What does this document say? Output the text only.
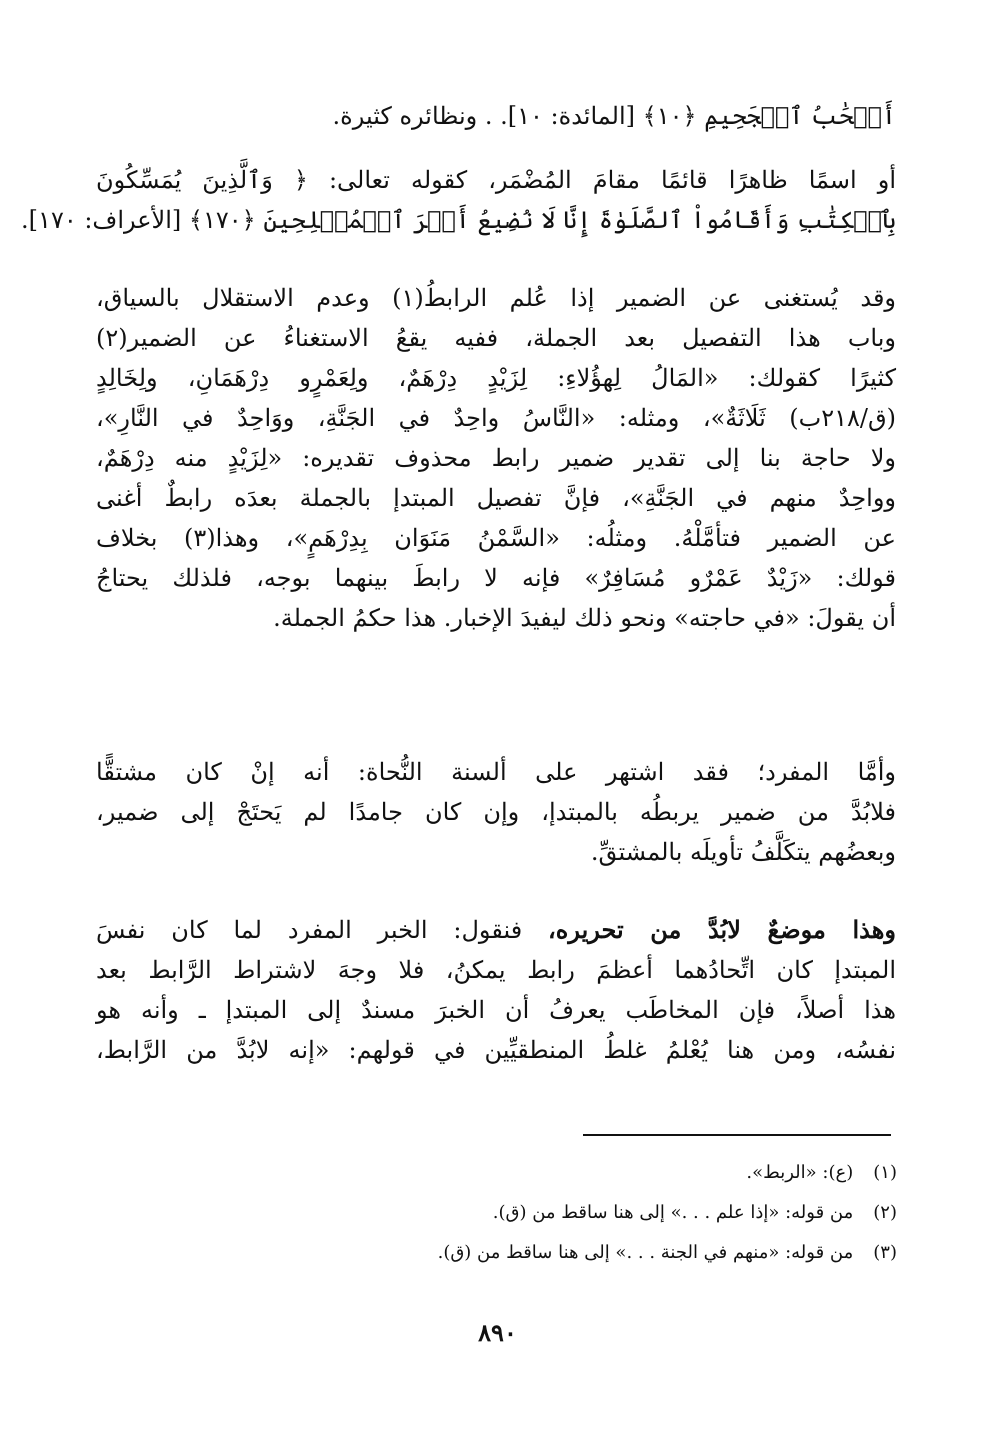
أَصۡحَٰبُ ٱلۡجَحِيمِ ﴿١٠﴾ [المائدة: ١٠]. . ونظائره كثيرة.
أو اسمًا ظاهرًا قائمًا مقامَ المُضْمَر، كقوله تعالى: ﴿ وَٱلَّذِينَ يُمَسِّكُونَ
بِٱلۡكِتَٰبِ وَأَقَامُواْ ٱلصَّلَوٰةَ إِنَّا لَا نُضِيعُ أَجۡرَ ٱلۡمُصۡلِحِينَ ﴿١٧٠﴾ [الأعراف: ١٧٠].
وقد يُستغنى عن الضمير إذا عُلم الرابطُ(١) وعدم الاستقلال بالسياق،
وباب هذا التفصيل بعد الجملة، ففيه يقعُ الاستغناءُ عن الضمير(٢)
كثيرًا كقولك: «المَالُ لِهؤُلاءِ: لِزَيْدٍ دِرْهَمٌ، ولِعَمْرٍو دِرْهَمَانِ، ولِخَالِدٍ
(ق/٢١٨ب) ثَلَاثَةٌ»، ومثله: «النَّاسُ واحِدٌ في الجَنَّةِ، ووَاحِدٌ في النَّارِ»،
ولا حاجة بنا إلى تقدير ضمير رابط محذوف تقديره: «لِزَيْدٍ منه دِرْهَمٌ،
وواحِدٌ منهم في الجَنَّةِ»، فإنَّ تفصيل المبتدإ بالجملة بعدَه رابطٌ أغنى
عن الضمير فتأمَّلْهُ. ومثلُه: «السَّمْنُ مَنَوَان بِدِرْهَمٍ»، وهذا(٣) بخلاف
قولك: «زَيْدٌ عَمْرٌو مُسَافِرٌ» فإنه لا رابطَ بينهما بوجه، فلذلك يحتاجُ
أن يقولَ: «في حاجته» ونحو ذلك ليفيدَ الإخبار. هذا حكمُ الجملة.
وأمَّا المفرد؛ فقد اشتهر على ألسنة النُّحاة: أنه إنْ كان مشتقًّا
فلابُدَّ من ضمير يربطُه بالمبتدإ، وإن كان جامدًا لم يَحتَجْ إلى ضمير،
وبعضُهم يتكَلَّفُ تأويلَه بالمشتقِّ.
وهذا موضعٌ لابُدَّ من تحريره، فنقول: الخبر المفرد لما كان نفسَ
المبتدإ كان اتِّحادُهما أعظمَ رابط يمكنُ، فلا وجهَ لاشتراط الرَّابط بعد
هذا أصلاً، فإن المخاطَب يعرفُ أن الخبرَ مسندٌ إلى المبتدإ ـ وأنه هو
نفسُه، ومن هنا يُعْلمُ غلطُ المنطقيِّين في قولهم: «إنه لابُدَّ من الرَّابط،
(١) (ع): «الربط».
(٢) من قوله: «إذا علم . . .» إلى هنا ساقط من (ق).
(٣) من قوله: «منهم في الجنة . . .» إلى هنا ساقط من (ق).
٨٩٠
